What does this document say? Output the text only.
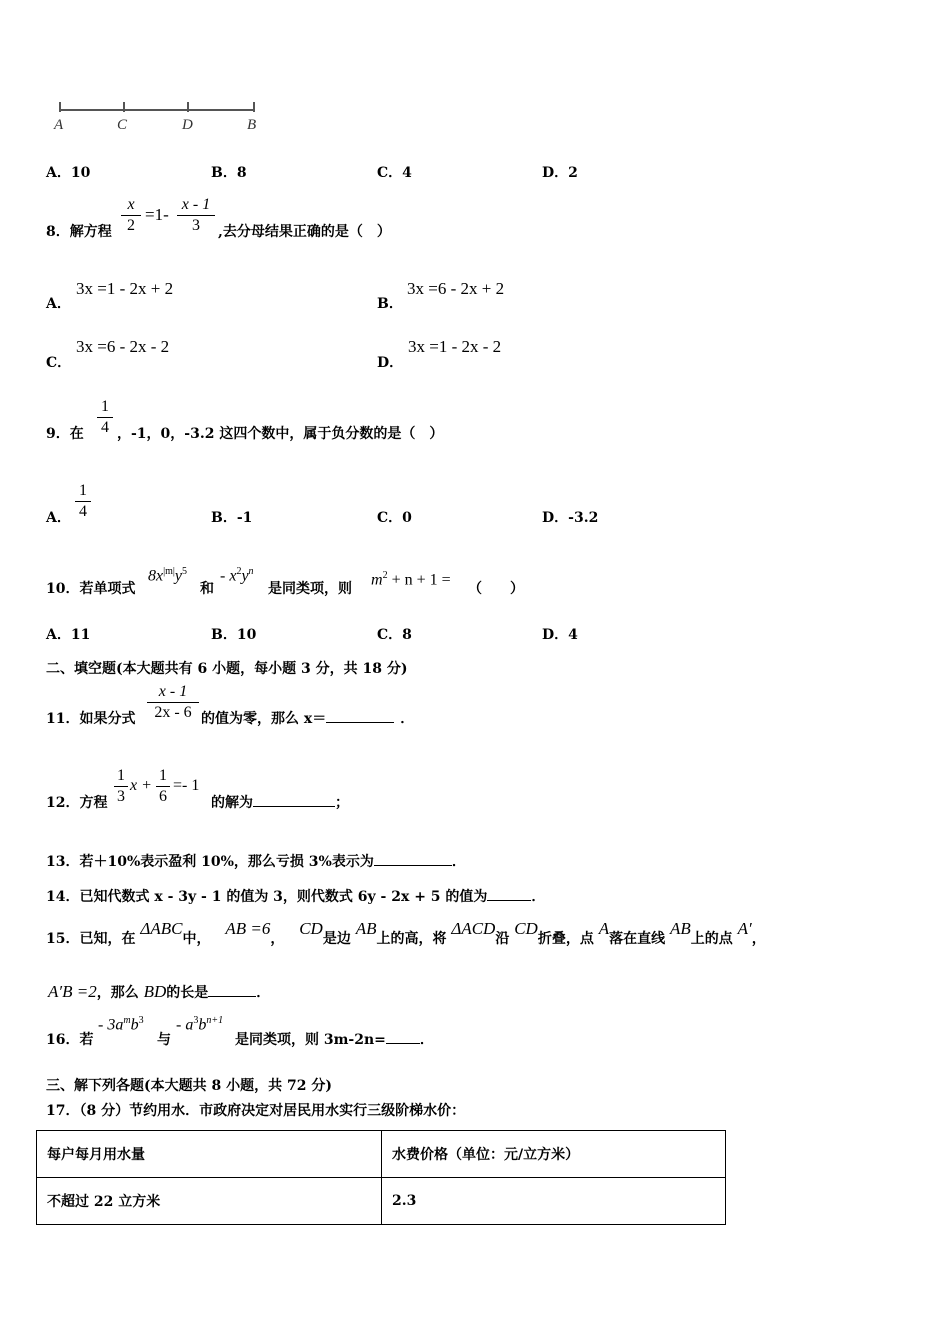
A	C	D	B
A．10	B．8	C．4	D．2
8．解方程
x
2
=1-
x - 1
3	,去分母结果正确的是（　）
A．
3x =1 - 2x + 2
B．
3x =6 - 2x + 2
C．
3x =6 - 2x - 2
D．
3x =1 - 2x - 2
9．在
1
4 ，-1，0，-3.2 这四个数中，属于负分数的是（　）
A．
1
4	B．-1	C．0	D．-3.2
10．若单项式
$8x^{|m|}y^5$
和
- $x^2y^n$
是同类项，则
$m^2 + n + 1$ =
（　　）
A．11	B．10	C．8	D．4
二、填空题(本大题共有 6 小题，每小题 3 分，共 18 分)
11．如果分式
x - 1
2x - 6 的值为零，那么 x＝	．
12．方程
1
3
x +
1
6
=- 1
的解为	；
13．若＋10%表示盈利 10%，那么亏损 3%表示为	．
14．已知代数式 x - 3y - 1 的值为 3，则代数式 6y - 2x + 5 的值为	．
15．已知，在 ΔABC中， AB =6， CD是边 AB上的高，将 ΔACD沿 CD折叠，点 A落在直线 AB上的点 A′，
A′B =2，那么 BD的长是	．
16．若
- $3a^mb^3$
与
- $a^3b^{n+1}$
是同类项，则 3m-2n= ．
三、解下列各题(本大题共 8 小题，共 72 分)
17．（8 分）节约用水．市政府决定对居民用水实行三级阶梯水价：
每户每月用水量	水费价格（单位：元/立方米）
不超过 22 立方米	2.3
